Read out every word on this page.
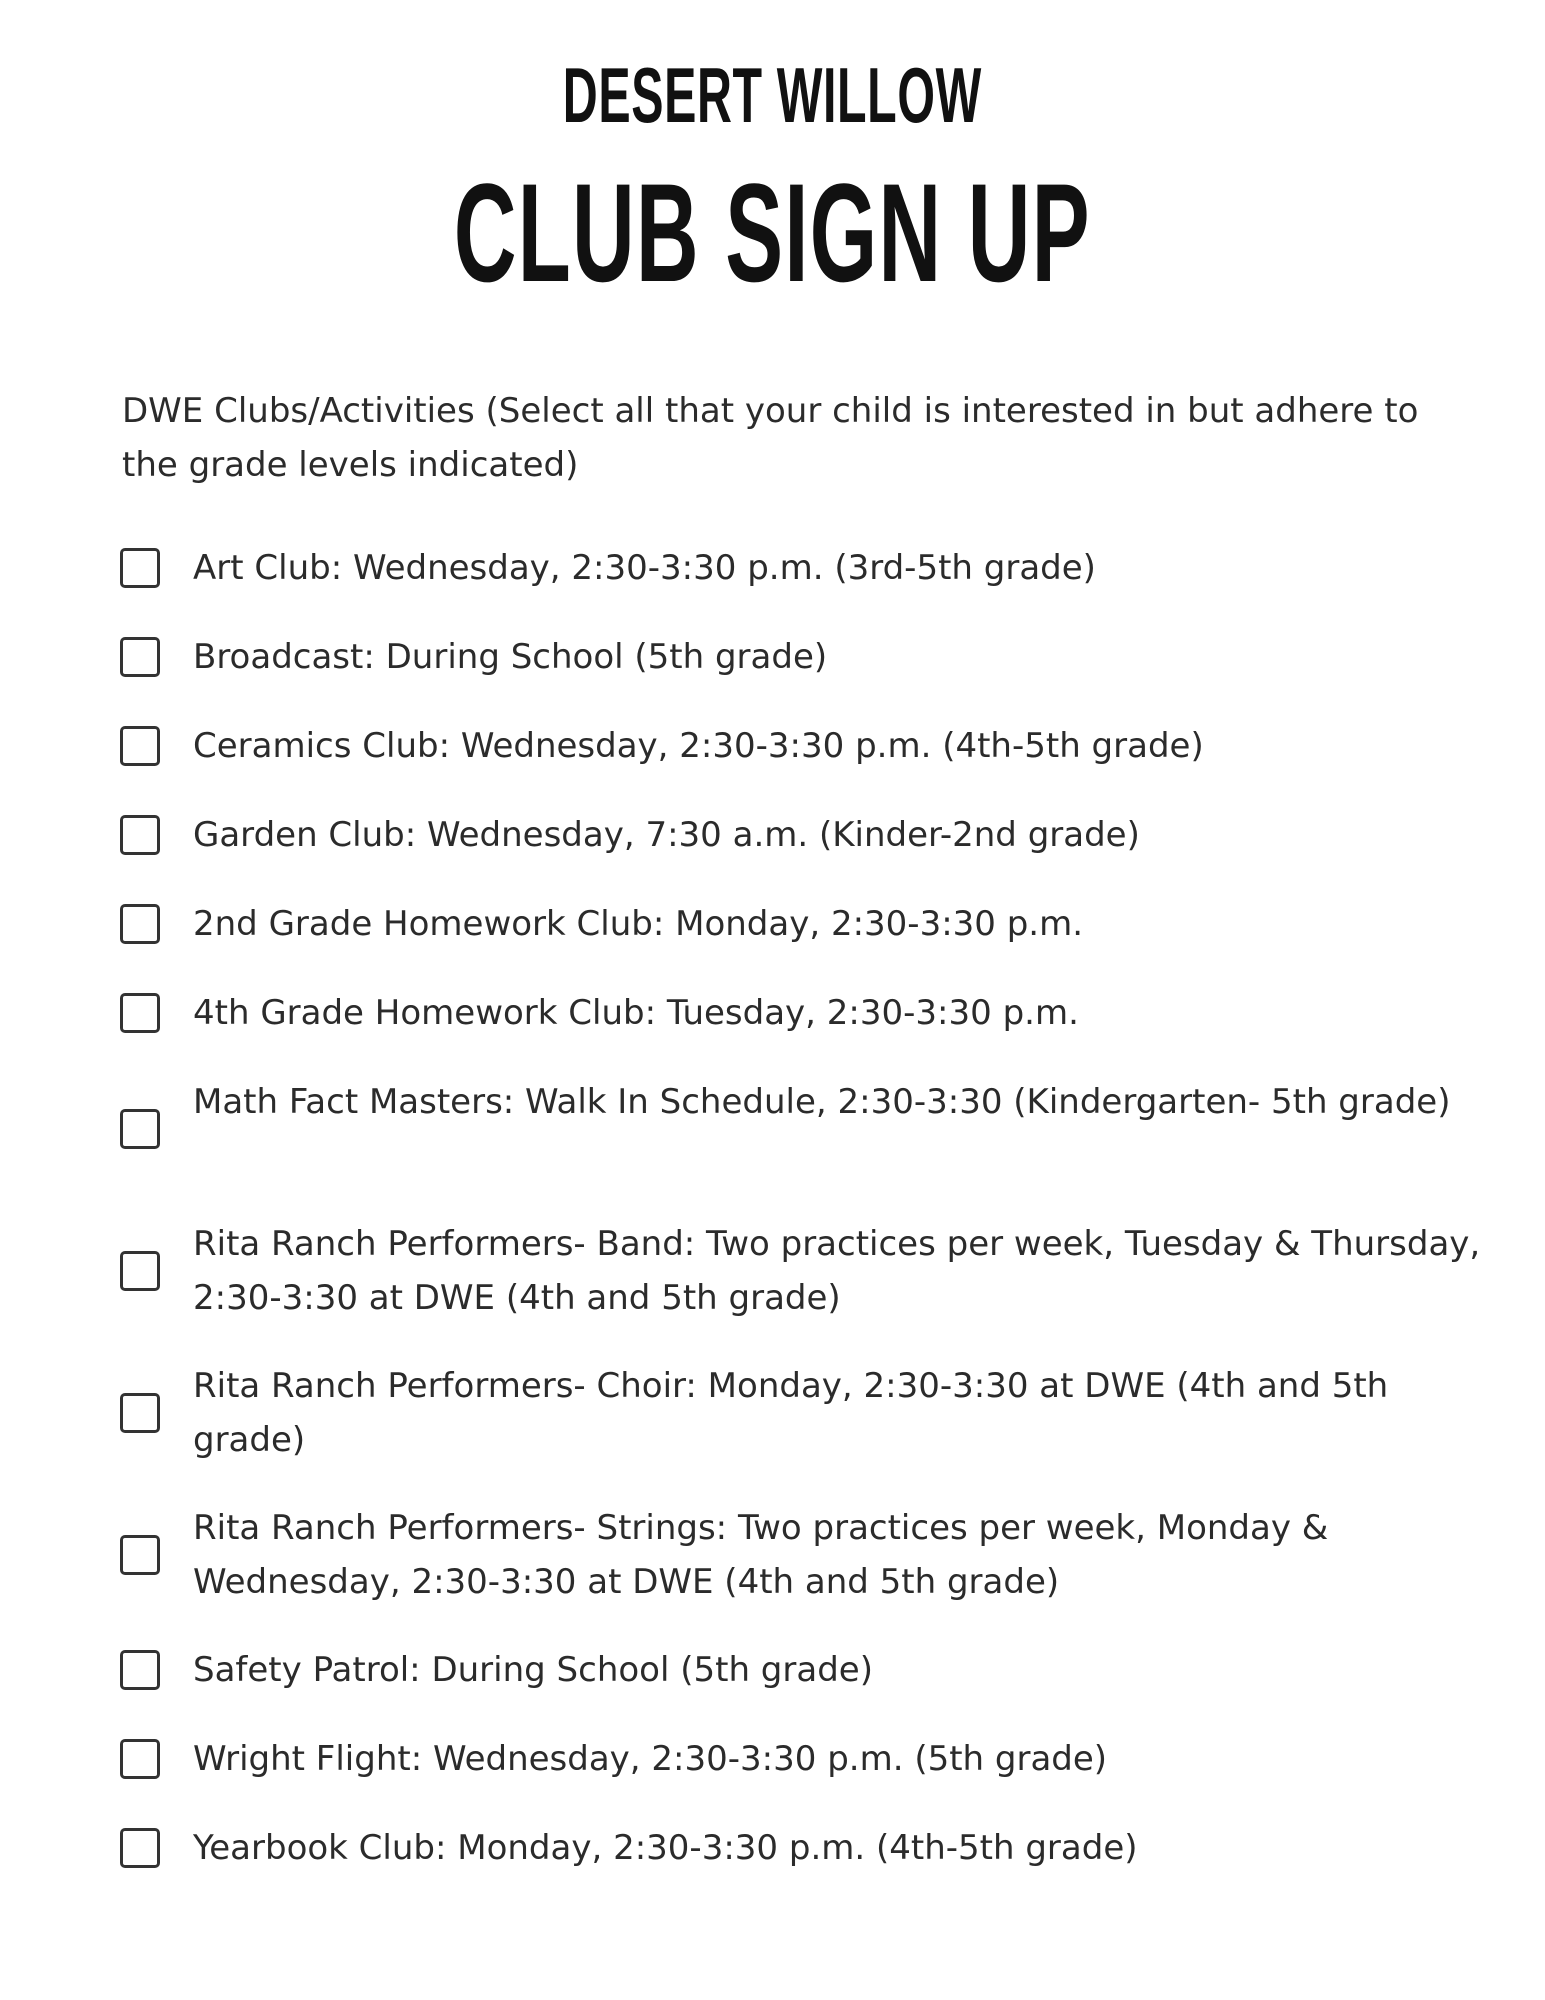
DESERT WILLOW
CLUB SIGN UP

DWE Clubs/Activities (Select all that your child is interested in but adhere to the grade levels indicated)

Art Club: Wednesday, 2:30-3:30 p.m. (3rd-5th grade)
Broadcast: During School (5th grade)
Ceramics Club: Wednesday, 2:30-3:30 p.m. (4th-5th grade)
Garden Club: Wednesday, 7:30 a.m. (Kinder-2nd grade)
2nd Grade Homework Club: Monday, 2:30-3:30 p.m.
4th Grade Homework Club: Tuesday, 2:30-3:30 p.m.
Math Fact Masters: Walk In Schedule, 2:30-3:30 (Kindergarten- 5th grade)
Rita Ranch Performers- Band: Two practices per week, Tuesday & Thursday, 2:30-3:30 at DWE (4th and 5th grade)
Rita Ranch Performers- Choir: Monday, 2:30-3:30 at DWE (4th and 5th grade)
Rita Ranch Performers- Strings: Two practices per week, Monday & Wednesday, 2:30-3:30 at DWE (4th and 5th grade)
Safety Patrol: During School (5th grade)
Wright Flight: Wednesday, 2:30-3:30 p.m. (5th grade)
Yearbook Club: Monday, 2:30-3:30 p.m. (4th-5th grade)
